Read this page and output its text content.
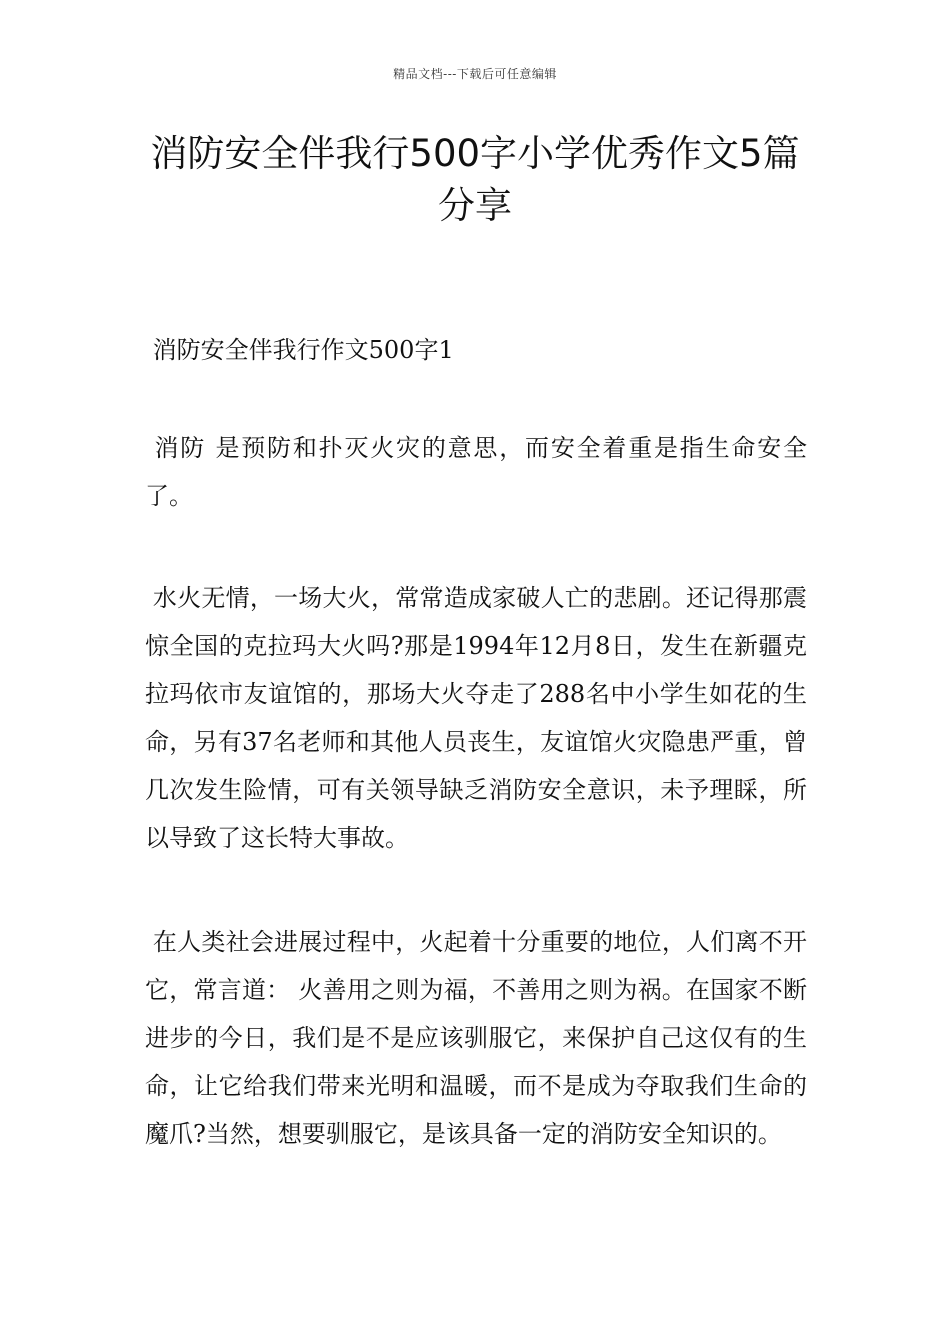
精品文档---下载后可任意编辑
消防安全伴我行500字小学优秀作文5篇分享

消防安全伴我行作文500字1

消防 是预防和扑灭火灾的意思，而安全着重是指生命安全了。

水火无情，一场大火，常常造成家破人亡的悲剧。还记得那震惊全国的克拉玛大火吗?那是1994年12月8日，发生在新疆克拉玛依市友谊馆的，那场大火夺走了288名中小学生如花的生命，另有37名老师和其他人员丧生，友谊馆火灾隐患严重，曾几次发生险情，可有关领导缺乏消防安全意识，未予理睬，所以导致了这长特大事故。

在人类社会进展过程中，火起着十分重要的地位，人们离不开它，常言道： 火善用之则为福，不善用之则为祸。在国家不断进步的今日，我们是不是应该驯服它，来保护自己这仅有的生命，让它给我们带来光明和温暖，而不是成为夺取我们生命的魔爪?当然，想要驯服它，是该具备一定的消防安全知识的。
